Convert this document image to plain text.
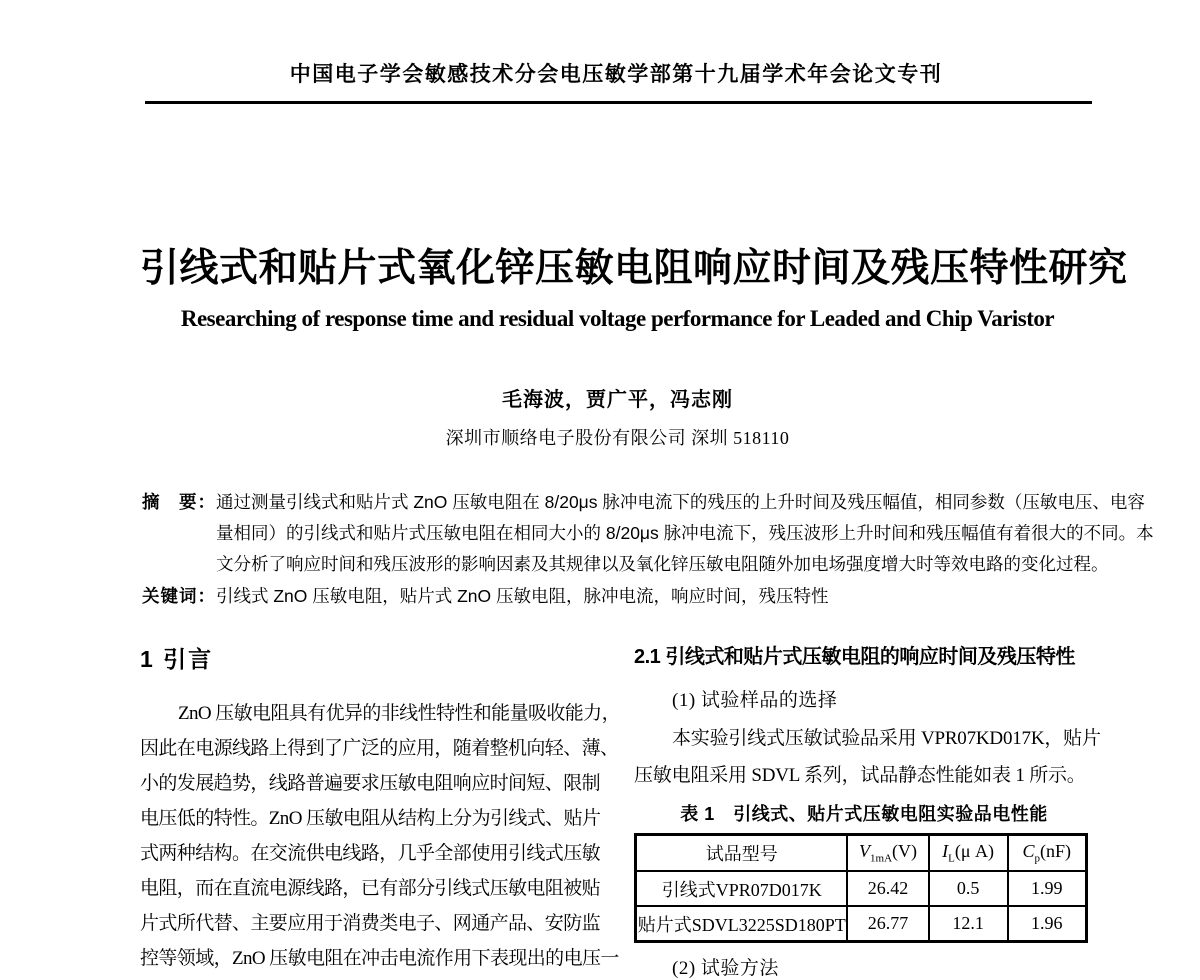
中国电子学会敏感技术分会电压敏学部第十九届学术年会论文专刊
引线式和贴片式氧化锌压敏电阻响应时间及残压特性研究
Researching of response time and residual voltage performance for Leaded and Chip Varistor
毛海波，贾广平，冯志刚
深圳市顺络电子股份有限公司 深圳 518110
摘　要： 通过测量引线式和贴片式 ZnO 压敏电阻在 8/20μs 脉冲电流下的残压的上升时间及残压幅值，相同参数（压敏电压、电容
量相同）的引线式和贴片式压敏电阻在相同大小的 8/20μs 脉冲电流下，残压波形上升时间和残压幅值有着很大的不同。本
文分析了响应时间和残压波形的影响因素及其规律以及氧化锌压敏电阻随外加电场强度增大时等效电路的变化过程。
关键词：引线式 ZnO 压敏电阻，贴片式 ZnO 压敏电阻，脉冲电流，响应时间，残压特性
1 引言
ZnO 压敏电阻具有优异的非线性特性和能量吸收能力，
因此在电源线路上得到了广泛的应用，随着整机向轻、薄、
小的发展趋势，线路普遍要求压敏电阻响应时间短、限制
电压低的特性。ZnO 压敏电阻从结构上分为引线式、贴片
式两种结构。在交流供电线路，几乎全部使用引线式压敏
电阻，而在直流电源线路，已有部分引线式压敏电阻被贴
片式所代替、主要应用于消费类电子、网通产品、安防监
控等领域，ZnO 压敏电阻在冲击电流作用下表现出的电压一
2.1 引线式和贴片式压敏电阻的响应时间及残压特性
(1) 试验样品的选择
本实验引线式压敏试验品采用 VPR07KD017K，贴片
压敏电阻采用 SDVL 系列，试品静态性能如表 1 所示。
表 1　引线式、贴片式压敏电阻实验品电性能
试品型号	$V_{1mA}(V)$	$I_L(\mu$ A)	$C_p(nF)$
引线式VPR07D017K	26.42	0.5	1.99
贴片式SDVL3225SD180PT	26.77	12.1	1.96
(2) 试验方法
